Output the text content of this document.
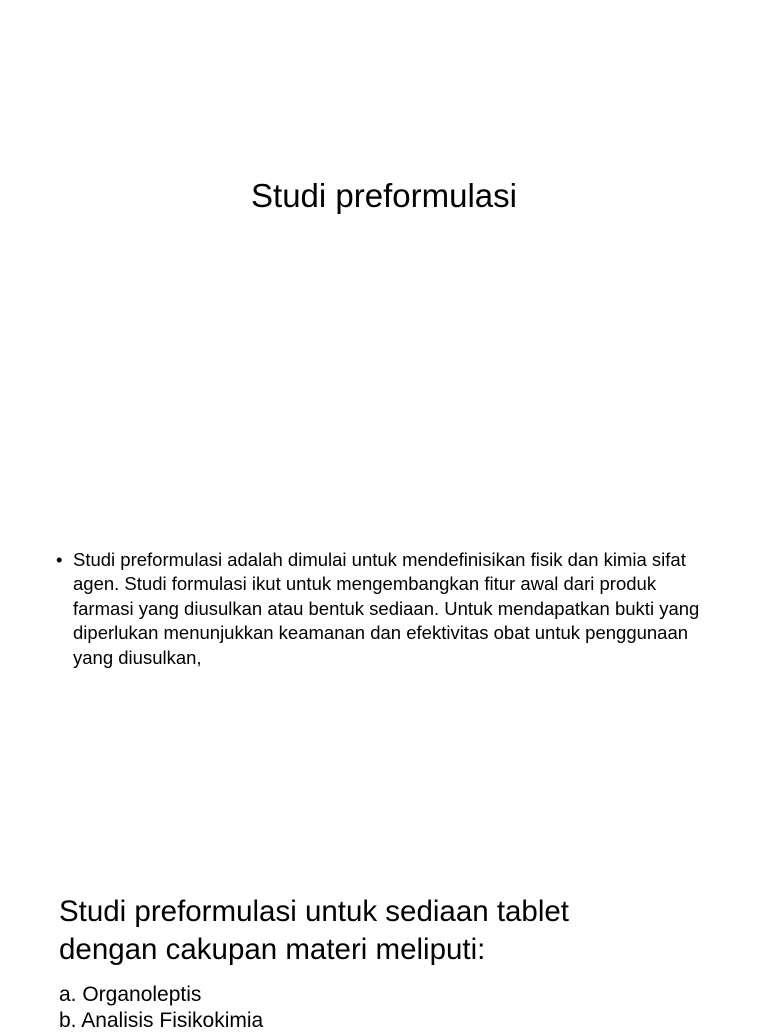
Studi preformulasi
• Studi preformulasi adalah dimulai untuk mendefinisikan fisik dan kimia sifat agen. Studi formulasi ikut untuk mengembangkan fitur awal dari produk farmasi yang diusulkan atau bentuk sediaan. Untuk mendapatkan bukti yang diperlukan menunjukkan keamanan dan efektivitas obat untuk penggunaan yang diusulkan,
Studi preformulasi untuk sediaan tablet
dengan cakupan materi meliputi:
a. Organoleptis
b. Analisis Fisikokimia
